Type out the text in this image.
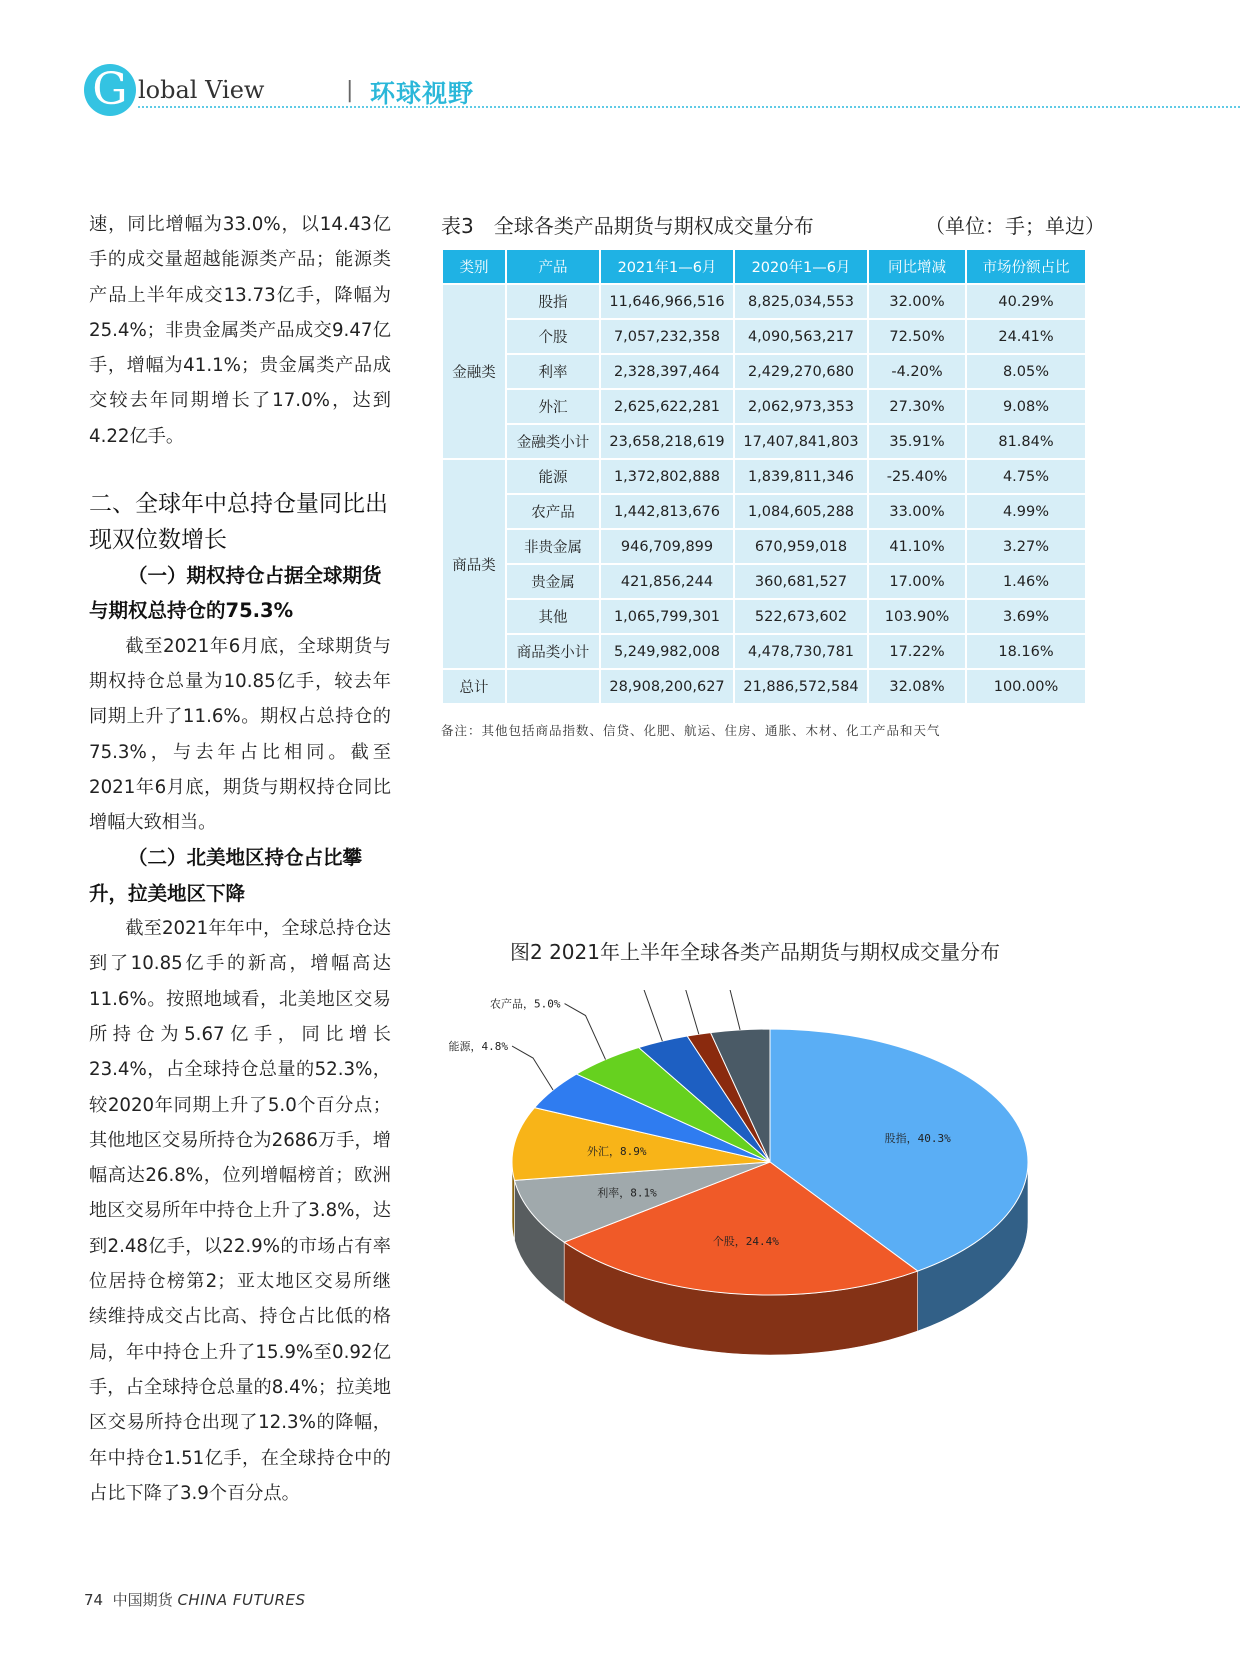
G lobal View	| 环球视野

速，同比增幅为33.0%，以14.43亿手的成交量超越能源类产品；能源类产品上半年成交13.73亿手，降幅为25.4%；非贵金属类产品成交9.47亿手，增幅为41.1%；贵金属类产品成交较去年同期增长了17.0%，达到4.22亿手。

二、全球年中总持仓量同比出现双位数增长
（一）期权持仓占据全球期货与期权总持仓的75.3%

截至2021年6月底，全球期货与期权持仓总量为10.85亿手，较去年同期上升了11.6%。期权占总持仓的75.3%，与去年占比相同。截至2021年6月底，期货与期权持仓同比增幅大致相当。

（二）北美地区持仓占比攀升，拉美地区下降

截至2021年年中，全球总持仓达到了10.85亿手的新高，增幅高达11.6%。按照地域看，北美地区交易所持仓为5.67亿手，同比增长23.4%，占全球持仓总量的52.3%，较2020年同期上升了5.0个百分点；其他地区交易所持仓为2686万手，增幅高达26.8%，位列增幅榜首；欧洲地区交易所年中持仓上升了3.8%，达到2.48亿手，以22.9%的市场占有率位居持仓榜第2；亚太地区交易所继续维持成交占比高、持仓占比低的格局，年中持仓上升了15.9%至0.92亿手，占全球持仓总量的8.4%；拉美地区交易所持仓出现了12.3%的降幅，年中持仓1.51亿手，在全球持仓中的占比下降了3.9个百分点。

表3　全球各类产品期货与期权成交量分布	（单位：手；单边）
类别	产品	2021年1—6月	2020年1—6月	同比增减	市场份额占比
金融类	股指	11,646,966,516	8,825,034,553	32.00%	40.29%
	个股	7,057,232,358	4,090,563,217	72.50%	24.41%
	利率	2,328,397,464	2,429,270,680	-4.20%	8.05%
	外汇	2,625,622,281	2,062,973,353	27.30%	9.08%
	金融类小计	23,658,218,619	17,407,841,803	35.91%	81.84%
商品类	能源	1,372,802,888	1,839,811,346	-25.40%	4.75%
	农产品	1,442,813,676	1,084,605,288	33.00%	4.99%
	非贵金属	946,709,899	670,959,018	41.10%	3.27%
	贵金属	421,856,244	360,681,527	17.00%	1.46%
	其他	1,065,799,301	522,673,602	103.90%	3.69%
	商品类小计	5,249,982,008	4,478,730,781	17.22%	18.16%
总计		28,908,200,627	21,886,572,584	32.08%	100.00%
备注：其他包括商品指数、信贷、化肥、航运、住房、通胀、木材、化工产品和天气
图2 2021年上半年全球各类产品期货与期权成交量分布
股指，40.3%
个股，24.4%
利率，8.1%
外汇，8.9%
能源，4.8%
农产品，5.0%
74 中国期货 CHINA FUTURES
